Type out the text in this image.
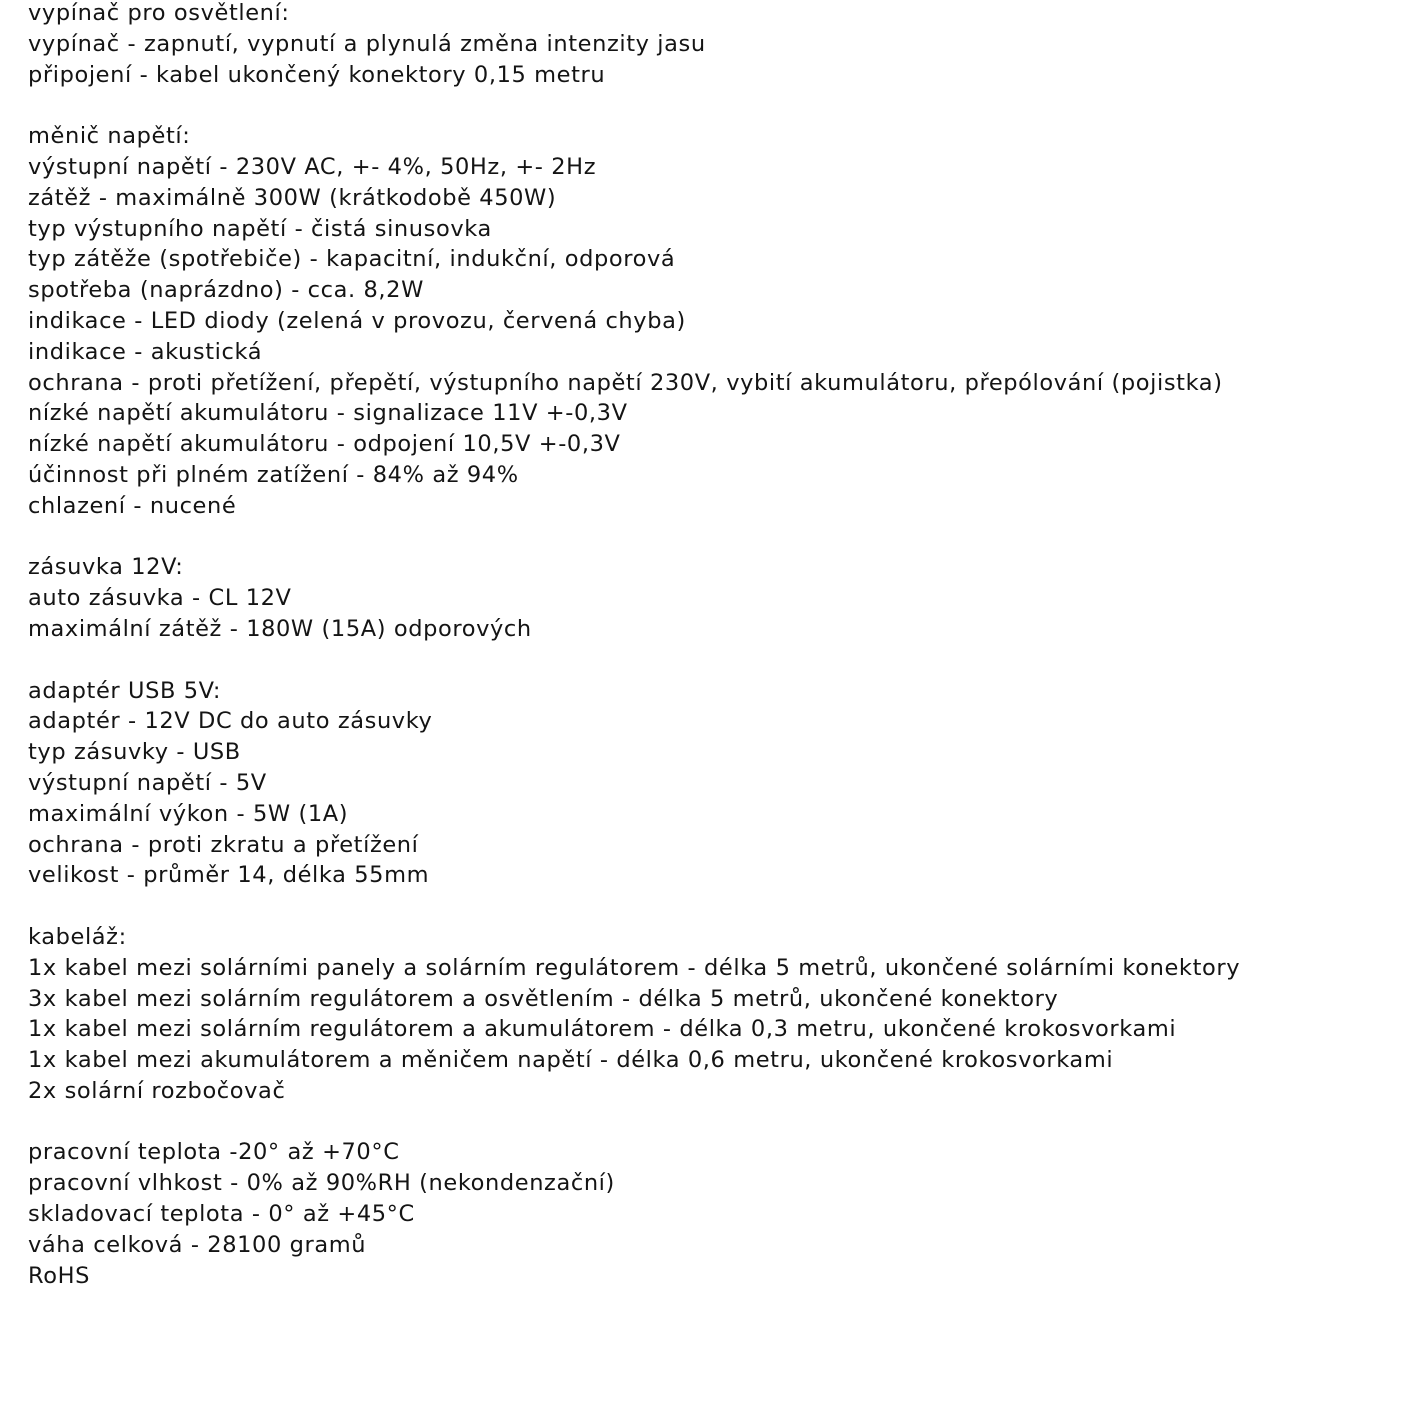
vypínač pro osvětlení:
vypínač - zapnutí, vypnutí a plynulá změna intenzity jasu
připojení - kabel ukončený konektory 0,15 metru
měnič napětí:
výstupní napětí - 230V AC, +- 4%, 50Hz, +- 2Hz
zátěž - maximálně 300W (krátkodobě 450W)
typ výstupního napětí - čistá sinusovka
typ zátěže (spotřebiče) - kapacitní, indukční, odporová
spotřeba (naprázdno) - cca. 8,2W
indikace - LED diody (zelená v provozu, červená chyba)
indikace - akustická
ochrana - proti přetížení, přepětí, výstupního napětí 230V, vybití akumulátoru, přepólování (pojistka)
nízké napětí akumulátoru - signalizace 11V +-0,3V
nízké napětí akumulátoru - odpojení 10,5V +-0,3V
účinnost při plném zatížení - 84% až 94%
chlazení - nucené
zásuvka 12V:
auto zásuvka - CL 12V
maximální zátěž - 180W (15A) odporových
adaptér USB 5V:
adaptér - 12V DC do auto zásuvky
typ zásuvky - USB
výstupní napětí - 5V
maximální výkon - 5W (1A)
ochrana - proti zkratu a přetížení
velikost - průměr 14, délka 55mm
kabeláž:
1x kabel mezi solárními panely a solárním regulátorem - délka 5 metrů, ukončené solárními konektory
3x kabel mezi solárním regulátorem a osvětlením - délka 5 metrů, ukončené konektory
1x kabel mezi solárním regulátorem a akumulátorem - délka 0,3 metru, ukončené krokosvorkami
1x kabel mezi akumulátorem a měničem napětí - délka 0,6 metru, ukončené krokosvorkami
2x solární rozbočovač
pracovní teplota -20° až +70°C
pracovní vlhkost - 0% až 90%RH (nekondenzační)
skladovací teplota - 0° až +45°C
váha celková - 28100 gramů
RoHS
